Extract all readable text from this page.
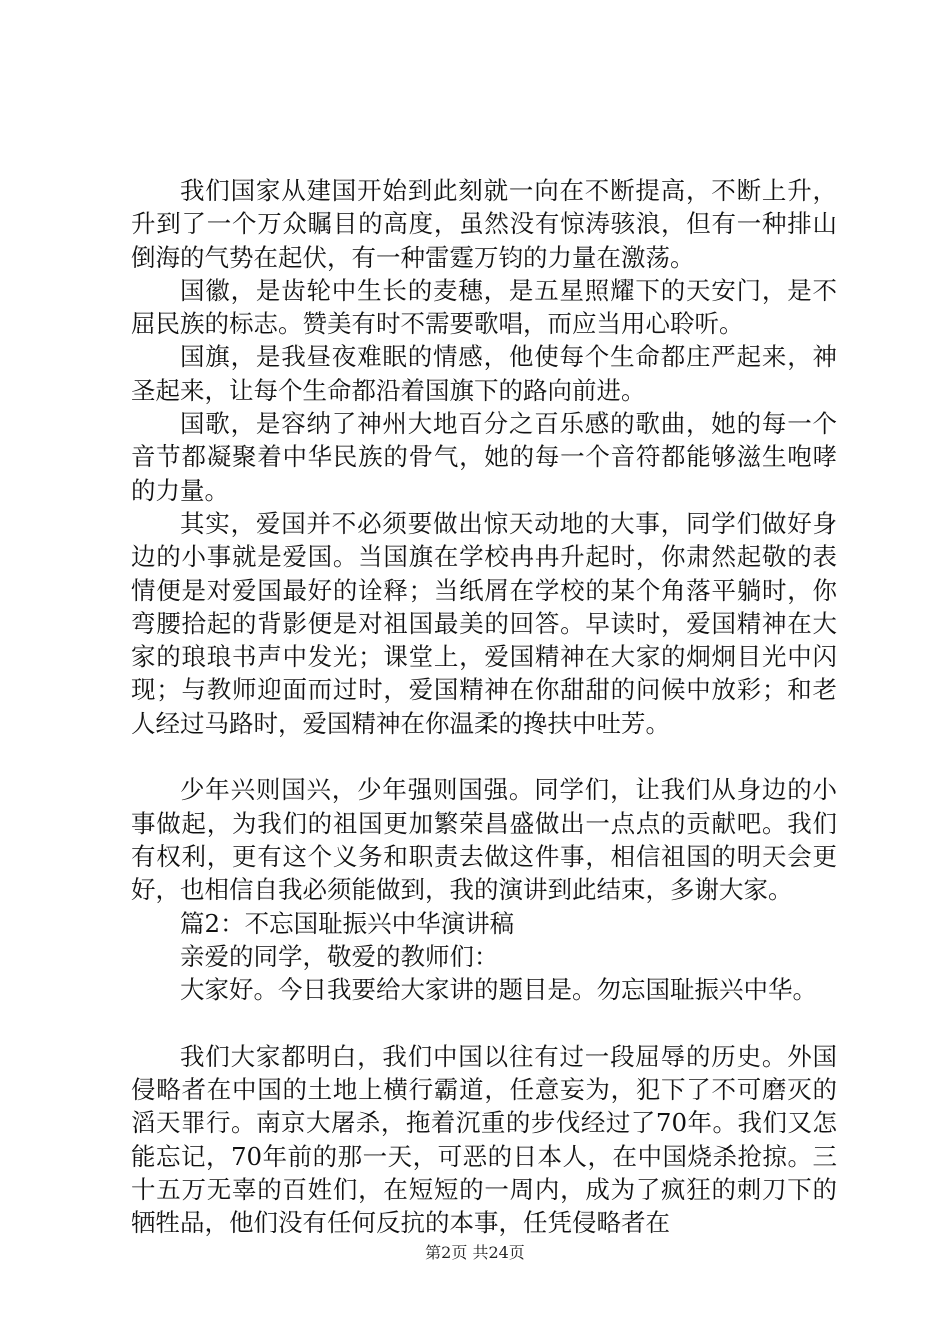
我们国家从建国开始到此刻就一向在不断提高，不断上升，升到了一个万众瞩目的高度，虽然没有惊涛骇浪，但有一种排山倒海的气势在起伏，有一种雷霆万钧的力量在激荡。

国徽，是齿轮中生长的麦穗，是五星照耀下的天安门，是不屈民族的标志。赞美有时不需要歌唱，而应当用心聆听。

国旗，是我昼夜难眠的情感，他使每个生命都庄严起来，神圣起来，让每个生命都沿着国旗下的路向前进。

国歌，是容纳了神州大地百分之百乐感的歌曲，她的每一个音节都凝聚着中华民族的骨气，她的每一个音符都能够滋生咆哮的力量。

其实，爱国并不必须要做出惊天动地的大事，同学们做好身边的小事就是爱国。当国旗在学校冉冉升起时，你肃然起敬的表情便是对爱国最好的诠释；当纸屑在学校的某个角落平躺时，你弯腰拾起的背影便是对祖国最美的回答。早读时，爱国精神在大家的琅琅书声中发光；课堂上，爱国精神在大家的炯炯目光中闪现；与教师迎面而过时，爱国精神在你甜甜的问候中放彩；和老人经过马路时，爱国精神在你温柔的搀扶中吐芳。

少年兴则国兴，少年强则国强。同学们，让我们从身边的小事做起，为我们的祖国更加繁荣昌盛做出一点点的贡献吧。我们有权利，更有这个义务和职责去做这件事，相信祖国的明天会更好，也相信自我必须能做到，我的演讲到此结束，多谢大家。

篇2：不忘国耻振兴中华演讲稿

亲爱的同学，敬爱的教师们：

大家好。今日我要给大家讲的题目是。勿忘国耻振兴中华。

我们大家都明白，我们中国以往有过一段屈辱的历史。外国侵略者在中国的土地上横行霸道，任意妄为，犯下了不可磨灭的滔天罪行。南京大屠杀，拖着沉重的步伐经过了70年。我们又怎能忘记，70年前的那一天，可恶的日本人，在中国烧杀抢掠。三十五万无辜的百姓们，在短短的一周内，成为了疯狂的刺刀下的牺牲品，他们没有任何反抗的本事，任凭侵略者在

第2页 共24页
